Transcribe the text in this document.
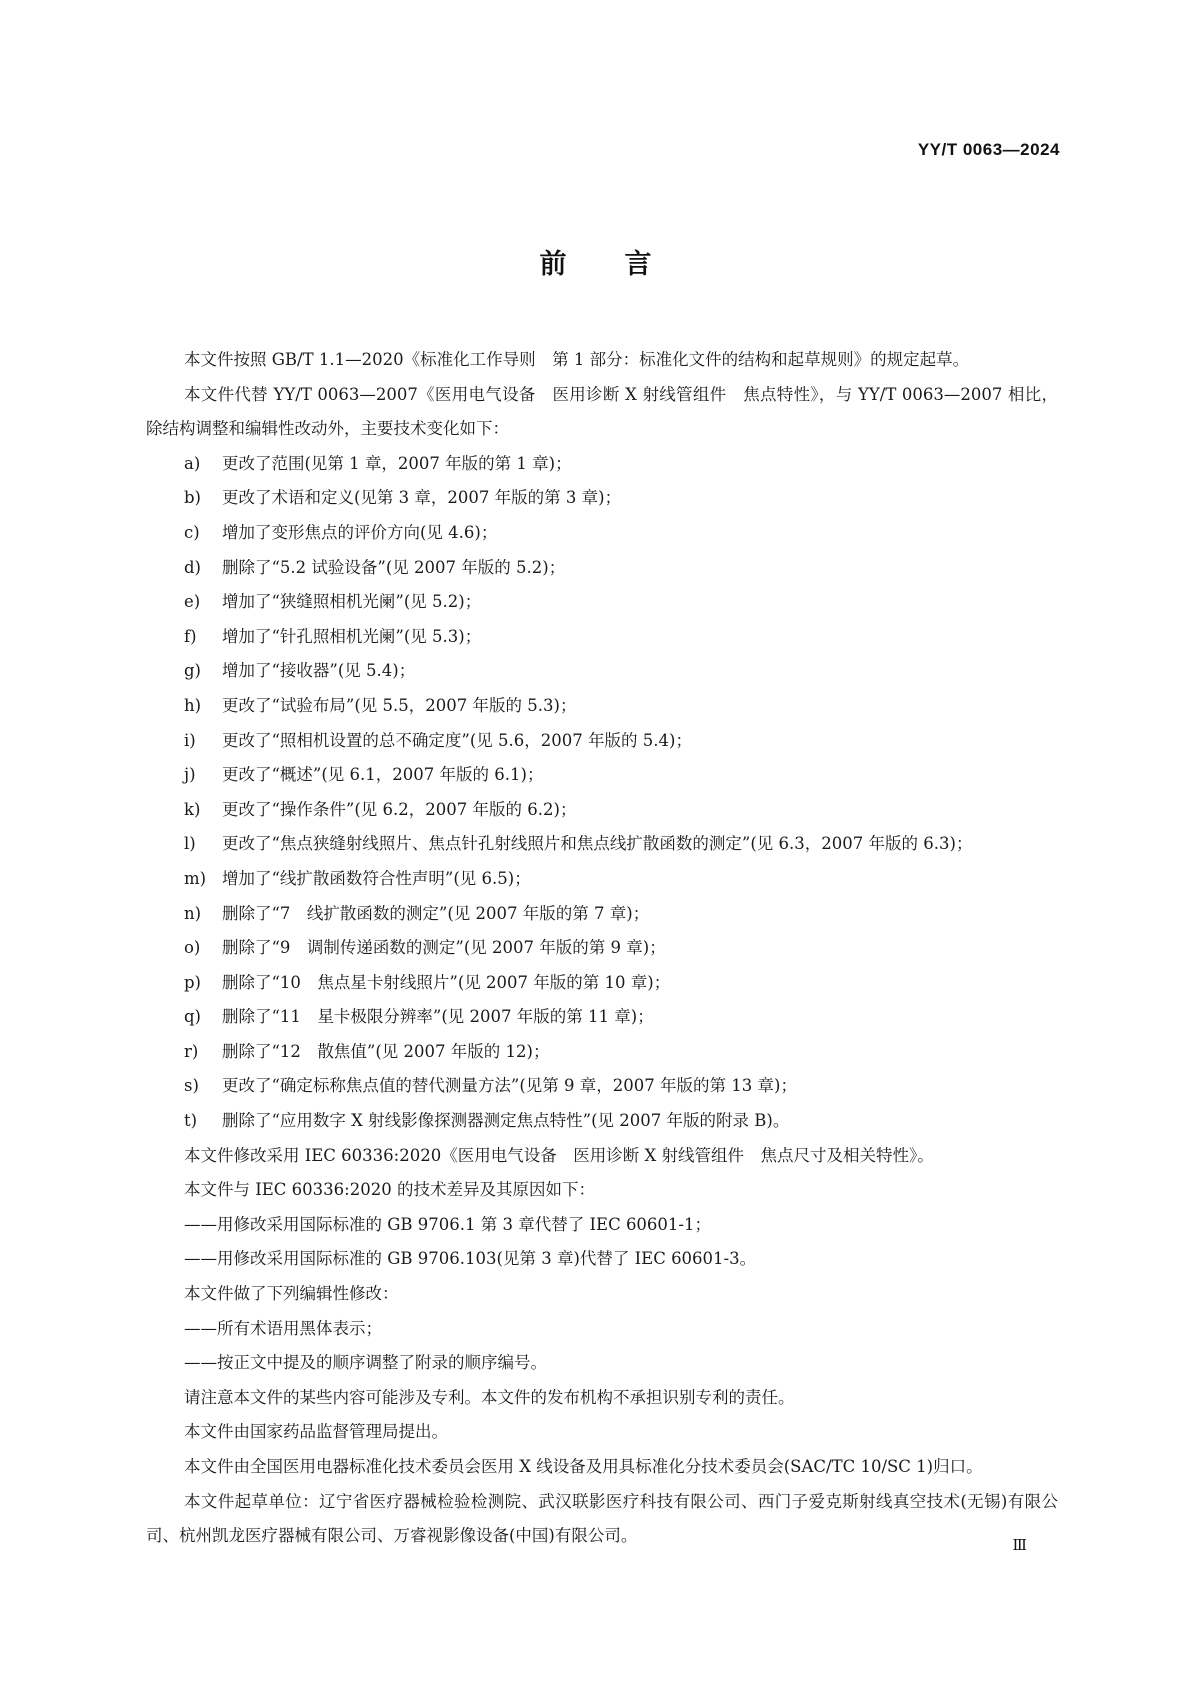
YY/T 0063—2024
前言

本文件按照 GB/T 1.1—2020《标准化工作导则　第 1 部分：标准化文件的结构和起草规则》的规定起草。

本文件代替 YY/T 0063—2007《医用电气设备　医用诊断 X 射线管组件　焦点特性》，与 YY/T 0063—2007 相比，除结构调整和编辑性改动外，主要技术变化如下：

a)	更改了范围(见第 1 章，2007 年版的第 1 章)；

b)	更改了术语和定义(见第 3 章，2007 年版的第 3 章)；

c)	增加了变形焦点的评价方向(见 4.6)；

d)	删除了“5.2 试验设备”(见 2007 年版的 5.2)；

e)	增加了“狭缝照相机光阑”(见 5.2)；

f)	增加了“针孔照相机光阑”(见 5.3)；

g)	增加了“接收器”(见 5.4)；

h)	更改了“试验布局”(见 5.5，2007 年版的 5.3)；

i)	更改了“照相机设置的总不确定度”(见 5.6，2007 年版的 5.4)；

j)	更改了“概述”(见 6.1，2007 年版的 6.1)；

k)	更改了“操作条件”(见 6.2，2007 年版的 6.2)；

l)	更改了“焦点狭缝射线照片、焦点针孔射线照片和焦点线扩散函数的测定”(见 6.3，2007 年版的 6.3)；

m) 增加了“线扩散函数符合性声明”(见 6.5)；

n)	删除了“7　线扩散函数的测定”(见 2007 年版的第 7 章)；

o)	删除了“9　调制传递函数的测定”(见 2007 年版的第 9 章)；

p)	删除了“10　焦点星卡射线照片”(见 2007 年版的第 10 章)；

q)	删除了“11　星卡极限分辨率”(见 2007 年版的第 11 章)；

r)	删除了“12　散焦值”(见 2007 年版的 12)；

s)	更改了“确定标称焦点值的替代测量方法”(见第 9 章，2007 年版的第 13 章)；

t)	删除了“应用数字 X 射线影像探测器测定焦点特性”(见 2007 年版的附录 B)。

本文件修改采用 IEC 60336:2020《医用电气设备　医用诊断 X 射线管组件　焦点尺寸及相关特性》。

本文件与 IEC 60336:2020 的技术差异及其原因如下：

——用修改采用国际标准的 GB 9706.1 第 3 章代替了 IEC 60601-1；

——用修改采用国际标准的 GB 9706.103(见第 3 章)代替了 IEC 60601-3。

本文件做了下列编辑性修改：

——所有术语用黑体表示；

——按正文中提及的顺序调整了附录的顺序编号。

请注意本文件的某些内容可能涉及专利。本文件的发布机构不承担识别专利的责任。

本文件由国家药品监督管理局提出。

本文件由全国医用电器标准化技术委员会医用 X 线设备及用具标准化分技术委员会(SAC/TC 10/SC 1)归口。

本文件起草单位：辽宁省医疗器械检验检测院、武汉联影医疗科技有限公司、西门子爱克斯射线真空技术(无锡)有限公司、杭州凯龙医疗器械有限公司、万睿视影像设备(中国)有限公司。	Ⅲ
